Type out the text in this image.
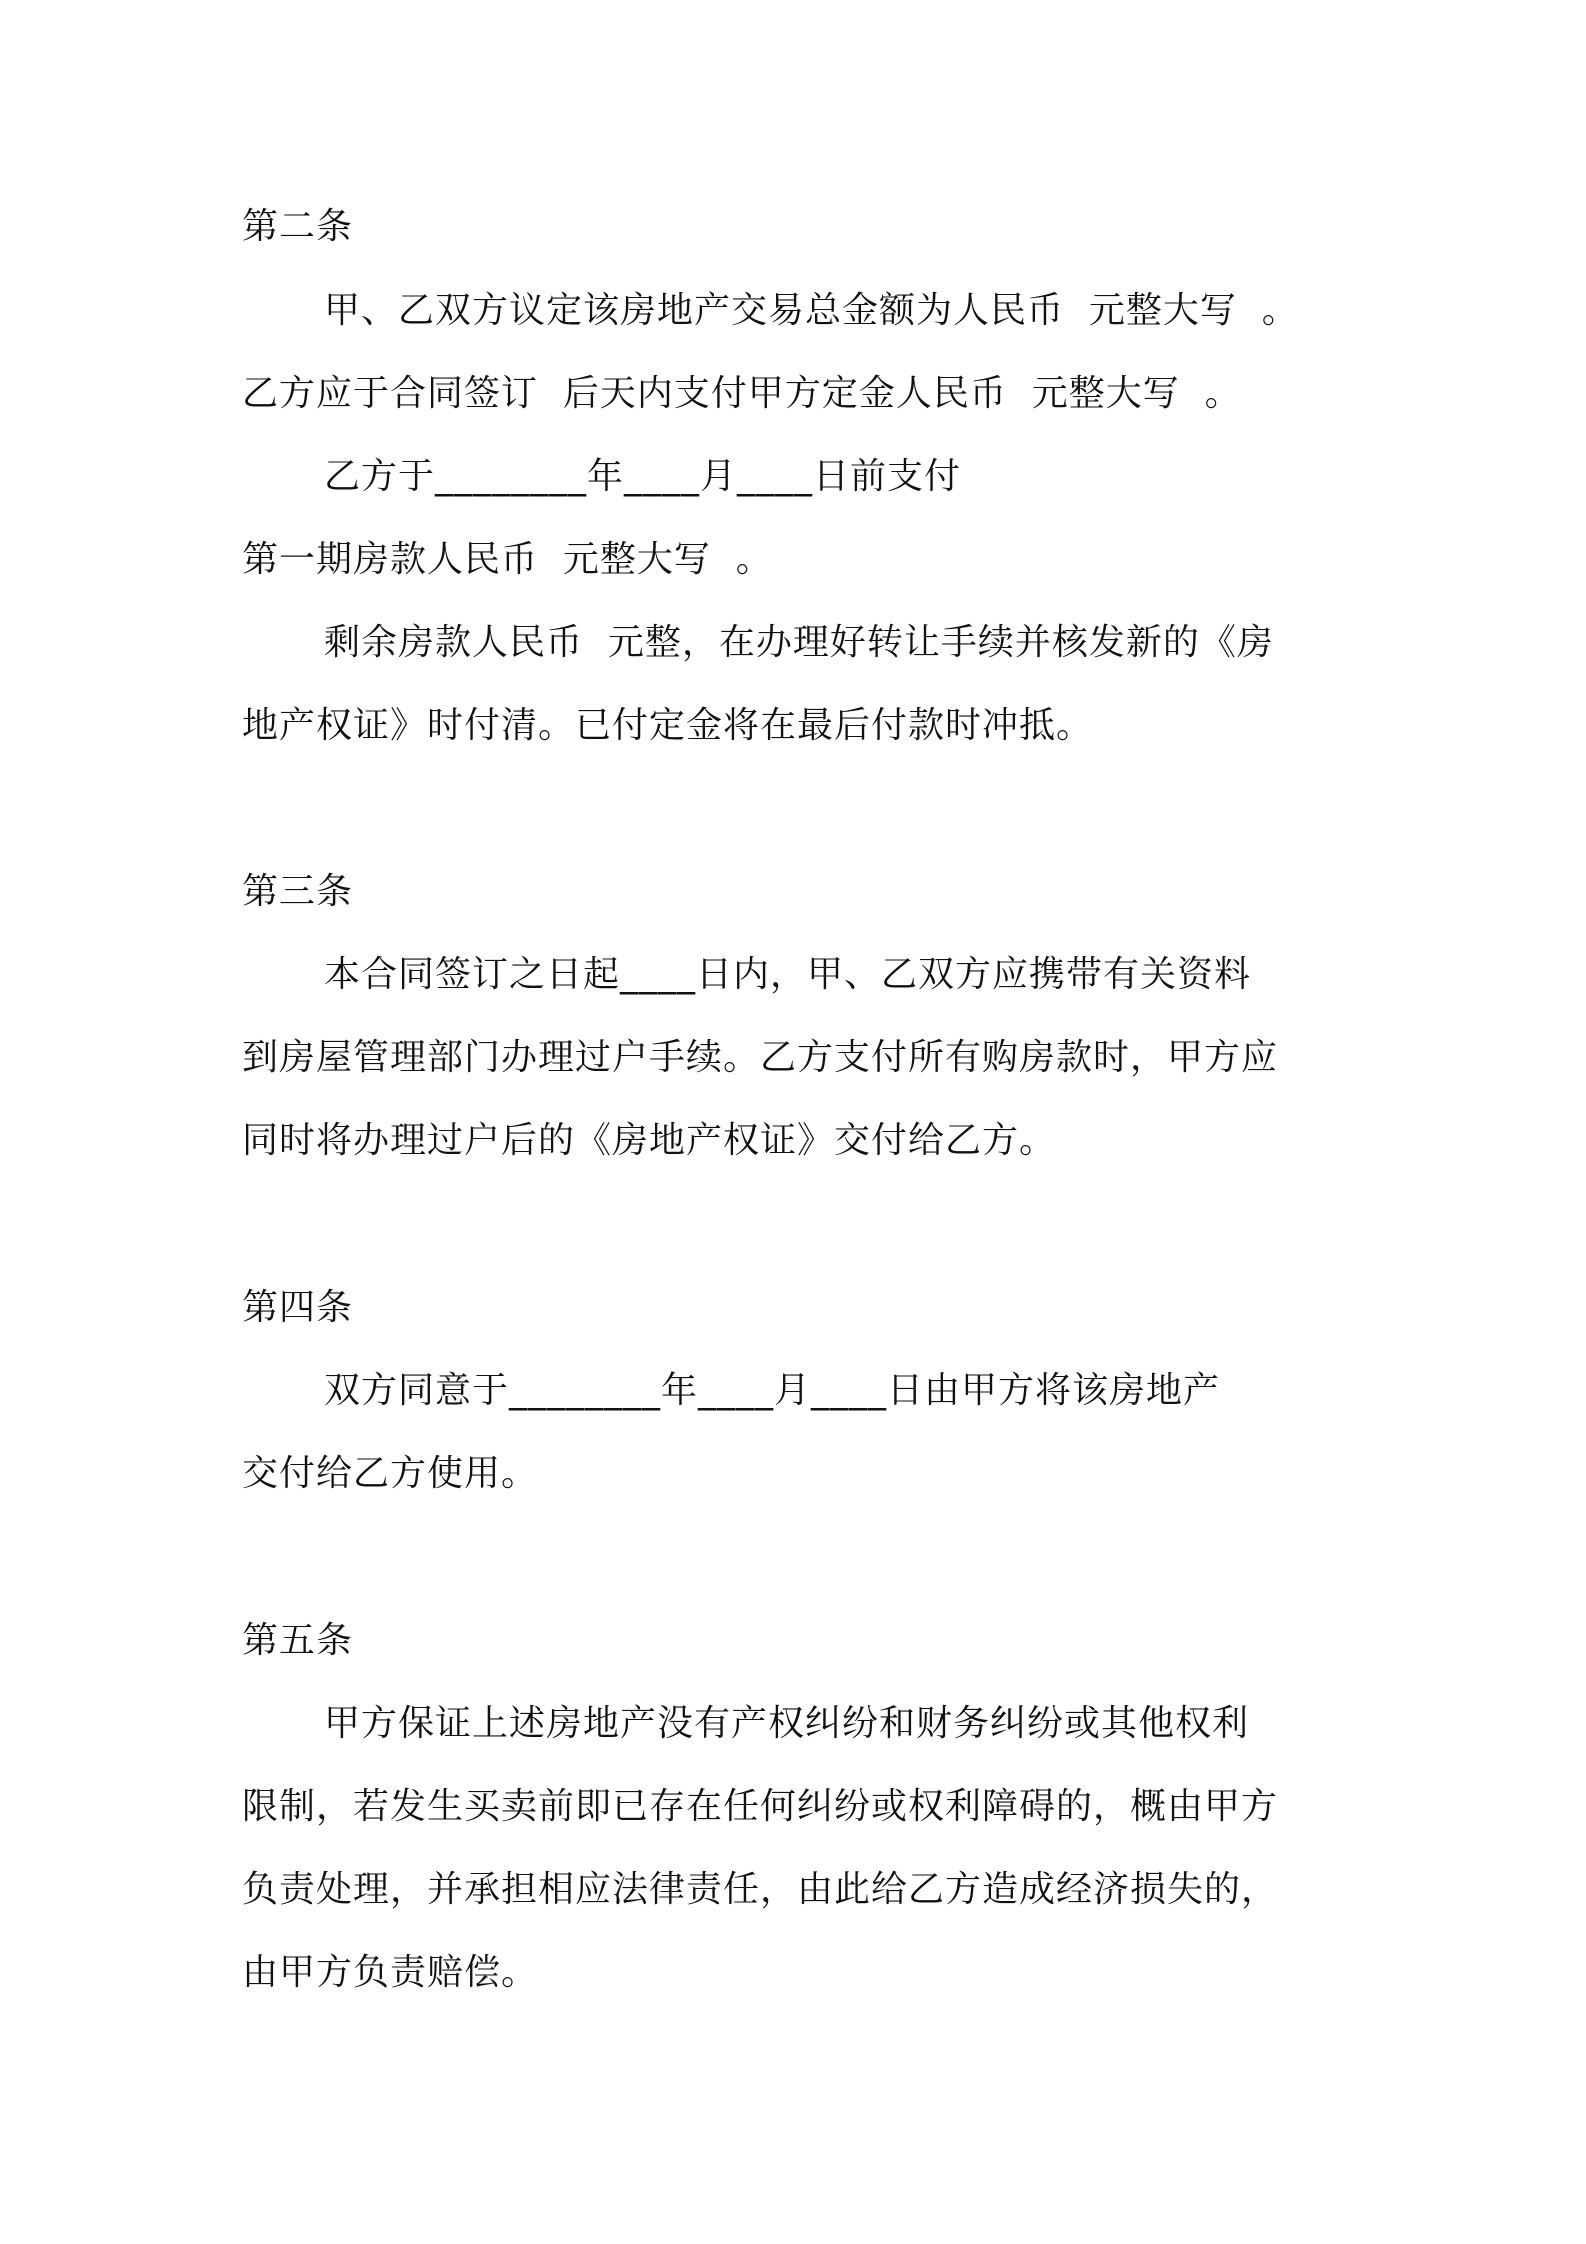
第二条
甲、乙双方议定该房地产交易总金额为人民币  元整大写  。
乙方应于合同签订  后天内支付甲方定金人民币  元整大写  。
乙方于________年____月____日前支付
第一期房款人民币  元整大写  。
剩余房款人民币  元整，在办理好转让手续并核发新的《房
地产权证》时付清。已付定金将在最后付款时冲抵。
第三条
本合同签订之日起____日内，甲、乙双方应携带有关资料
到房屋管理部门办理过户手续。乙方支付所有购房款时，甲方应
同时将办理过户后的《房地产权证》交付给乙方。
第四条
双方同意于________年____月____日由甲方将该房地产
交付给乙方使用。
第五条
甲方保证上述房地产没有产权纠纷和财务纠纷或其他权利
限制，若发生买卖前即已存在任何纠纷或权利障碍的，概由甲方
负责处理，并承担相应法律责任，由此给乙方造成经济损失的，
由甲方负责赔偿。
